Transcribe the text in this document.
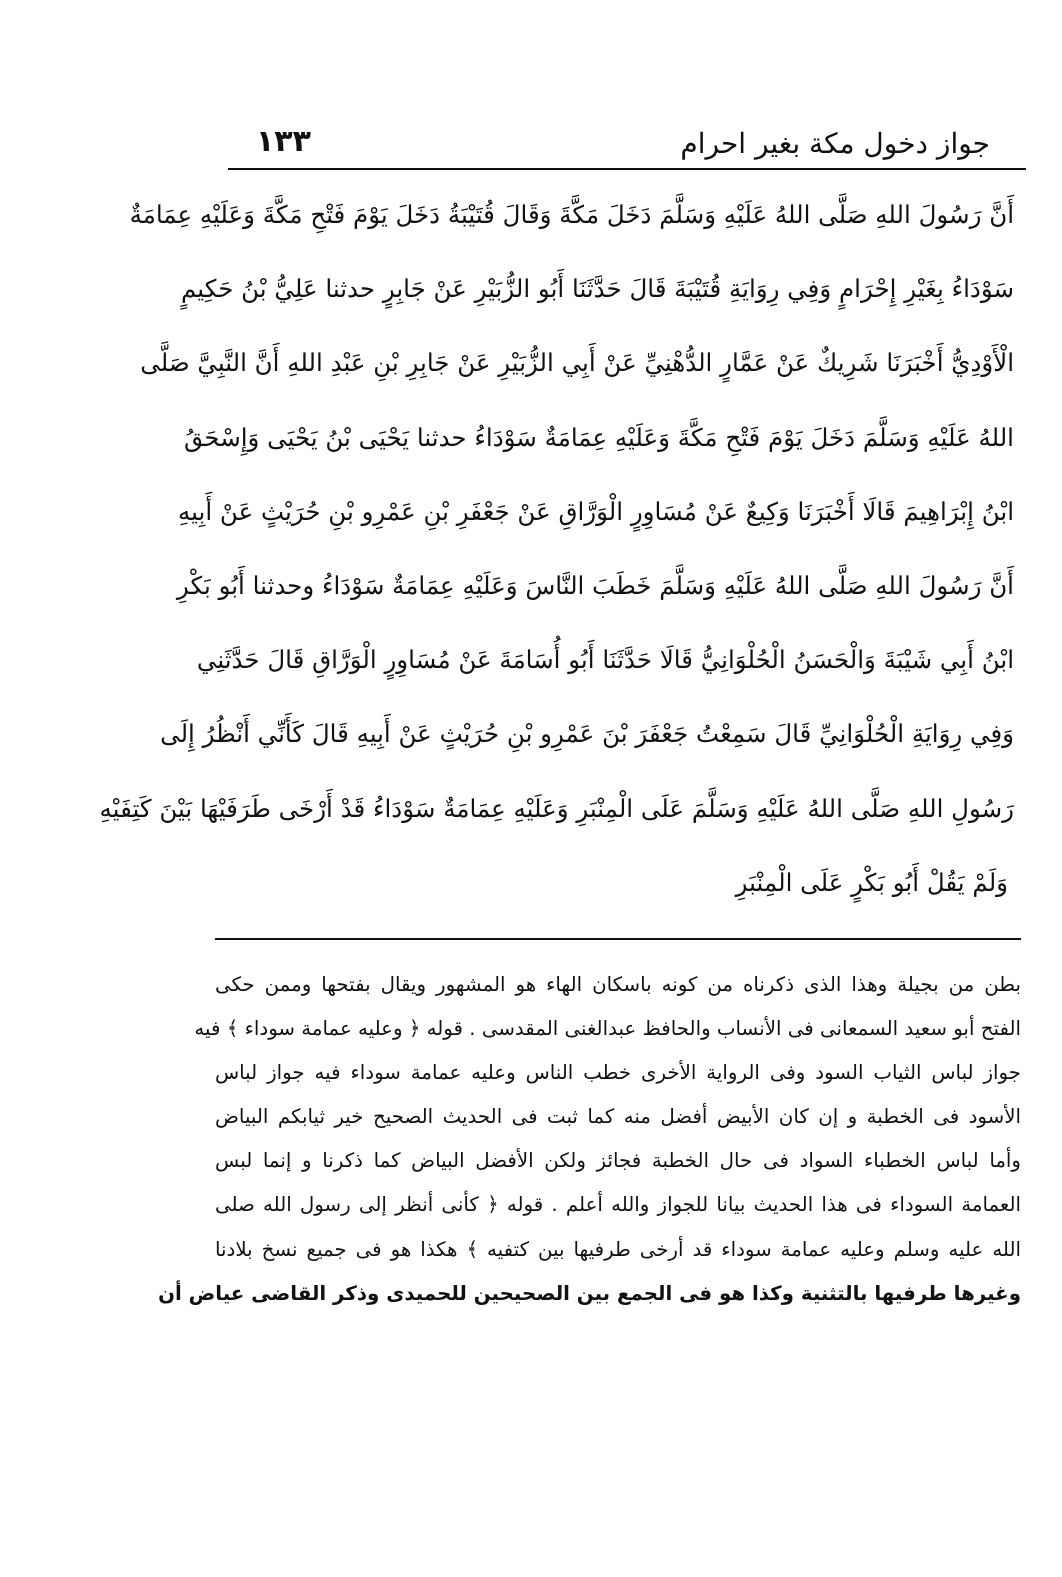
جواز دخول مكة بغير احرام
١٣٣
أَنَّ رَسُولَ اللهِ صَلَّى اللهُ عَلَيْهِ وَسَلَّمَ دَخَلَ مَكَّةَ وَقَالَ قُتَيْبَةُ دَخَلَ يَوْمَ فَتْحِ مَكَّةَ وَعَلَيْهِ عِمَامَةٌ
سَوْدَاءُ بِغَيْرِ إِحْرَامٍ وَفِي رِوَايَةِ قُتَيْبَةَ قَالَ حَدَّثَنَا أَبُو الزُّبَيْرِ عَنْ جَابِرٍ حدثنا عَلِيُّ بْنُ حَكِيمٍ
الْأَوْدِيُّ أَخْبَرَنَا شَرِيكٌ عَنْ عَمَّارٍ الدُّهْنِيِّ عَنْ أَبِي الزُّبَيْرِ عَنْ جَابِرِ بْنِ عَبْدِ اللهِ أَنَّ النَّبِيَّ صَلَّى
اللهُ عَلَيْهِ وَسَلَّمَ دَخَلَ يَوْمَ فَتْحِ مَكَّةَ وَعَلَيْهِ عِمَامَةٌ سَوْدَاءُ حدثنا يَحْيَى بْنُ يَحْيَى وَإِسْحَقُ
ابْنُ إِبْرَاهِيمَ قَالَا أَخْبَرَنَا وَكِيعٌ عَنْ مُسَاوِرٍ الْوَرَّاقِ عَنْ جَعْفَرِ بْنِ عَمْرِو بْنِ حُرَيْثٍ عَنْ أَبِيهِ
أَنَّ رَسُولَ اللهِ صَلَّى اللهُ عَلَيْهِ وَسَلَّمَ خَطَبَ النَّاسَ وَعَلَيْهِ عِمَامَةٌ سَوْدَاءُ وحدثنا أَبُو بَكْرِ
ابْنُ أَبِي شَيْبَةَ وَالْحَسَنُ الْحُلْوَانِيُّ قَالَا حَدَّثَنَا أَبُو أُسَامَةَ عَنْ مُسَاوِرٍ الْوَرَّاقِ قَالَ حَدَّثَنِي
وَفِي رِوَايَةِ الْحُلْوَانِيِّ قَالَ سَمِعْتُ جَعْفَرَ بْنَ عَمْرِو بْنِ حُرَيْثٍ عَنْ أَبِيهِ قَالَ كَأَنِّي أَنْظُرُ إِلَى
رَسُولِ اللهِ صَلَّى اللهُ عَلَيْهِ وَسَلَّمَ عَلَى الْمِنْبَرِ وَعَلَيْهِ عِمَامَةٌ سَوْدَاءُ قَدْ أَرْخَى طَرَفَيْهَا بَيْنَ كَتِفَيْهِ
وَلَمْ يَقُلْ أَبُو بَكْرٍ عَلَى الْمِنْبَرِ
بطن من بجيلة وهذا الذى ذكرناه من كونه باسكان الهاء هو المشهور ويقال بفتحها وممن حكى
الفتح أبو سعيد السمعانى فى الأنساب والحافظ عبدالغنى المقدسى . قوله ﴿ وعليه عمامة سوداء ﴾ فيه
جواز لباس الثياب السود وفى الرواية الأخرى خطب الناس وعليه عمامة سوداء فيه جواز لباس
الأسود فى الخطبة و إن كان الأبيض أفضل منه كما ثبت فى الحديث الصحيح خير ثيابكم البياض
وأما لباس الخطباء السواد فى حال الخطبة فجائز ولكن الأفضل البياض كما ذكرنا و إنما لبس
العمامة السوداء فى هذا الحديث بيانا للجواز والله أعلم . قوله ﴿ كأنى أنظر إلى رسول الله صلى
الله عليه وسلم وعليه عمامة سوداء قد أرخى طرفيها بين كتفيه ﴾ هكذا هو فى جميع نسخ بلادنا
وغيرها طرفيها بالتثنية وكذا هو فى الجمع بين الصحيحين للحميدى وذكر القاضى عياض أن
